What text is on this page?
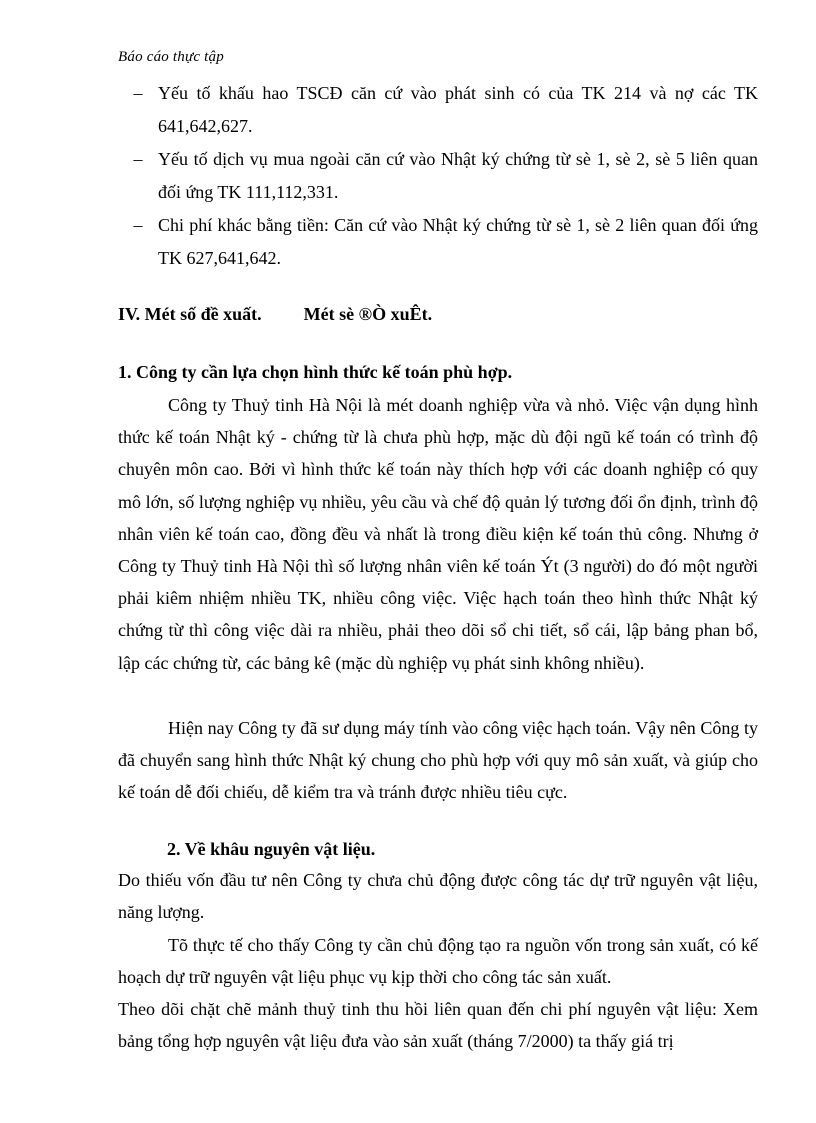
Báo cáo thực tập
– Yếu tố khấu hao TSCĐ căn cứ vào phát sinh có của TK 214 và nợ các TK 641,642,627.
– Yếu tố dịch vụ mua ngoài căn cứ vào Nhật ký chứng từ sè 1, sè 2, sè 5 liên quan đối ứng TK 111,112,331.
– Chi phí khác bằng tiền: Căn cứ vào Nhật ký chứng từ sè 1, sè 2 liên quan đối ứng TK 627,641,642.
IV. Mét số đề xuất. Mét sè ®Ò xuÊt.
1. Công ty cần lựa chọn hình thức kế toán phù hợp.

Công ty Thuỷ tinh Hà Nội là mét doanh nghiệp vừa và nhỏ. Việc vận dụng hình thức kế toán Nhật ký - chứng từ là chưa phù hợp, mặc dù đội ngũ kế toán có trình độ chuyên môn cao. Bởi vì hình thức kế toán này thích hợp với các doanh nghiệp có quy mô lớn, số lượng nghiệp vụ nhiều, yêu cầu và chế độ quản lý tương đối ổn định, trình độ nhân viên kế toán cao, đồng đều và nhất là trong điều kiện kế toán thủ công. Nhưng ở Công ty Thuỷ tinh Hà Nội thì số lượng nhân viên kế toán Ýt (3 người) do đó một người phải kiêm nhiệm nhiều TK, nhiều công việc. Việc hạch toán theo hình thức Nhật ký chứng từ thì công việc dài ra nhiều, phải theo dõi sổ chi tiết, sổ cái, lập bảng phan bổ, lập các chứng từ, các bảng kê (mặc dù nghiệp vụ phát sinh không nhiều).

Hiện nay Công ty đã sư dụng máy tính vào công việc hạch toán. Vậy nên Công ty đã chuyển sang hình thức Nhật ký chung cho phù hợp với quy mô sản xuất, và giúp cho kế toán dễ đối chiếu, dễ kiểm tra và tránh được nhiều tiêu cực.

2. Về khâu nguyên vật liệu.

Do thiếu vốn đầu tư nên Công ty chưa chủ động được công tác dự trữ nguyên vật liệu, năng lượng.

Tõ thực tế cho thấy Công ty cần chủ động tạo ra nguồn vốn trong sản xuất, có kế hoạch dự trữ nguyên vật liệu phục vụ kịp thời cho công tác sản xuất.

Theo dõi chặt chẽ mảnh thuỷ tinh thu hồi liên quan đến chi phí nguyên vật liệu: Xem bảng tổng hợp nguyên vật liệu đưa vào sản xuất (tháng 7/2000) ta thấy giá trị
